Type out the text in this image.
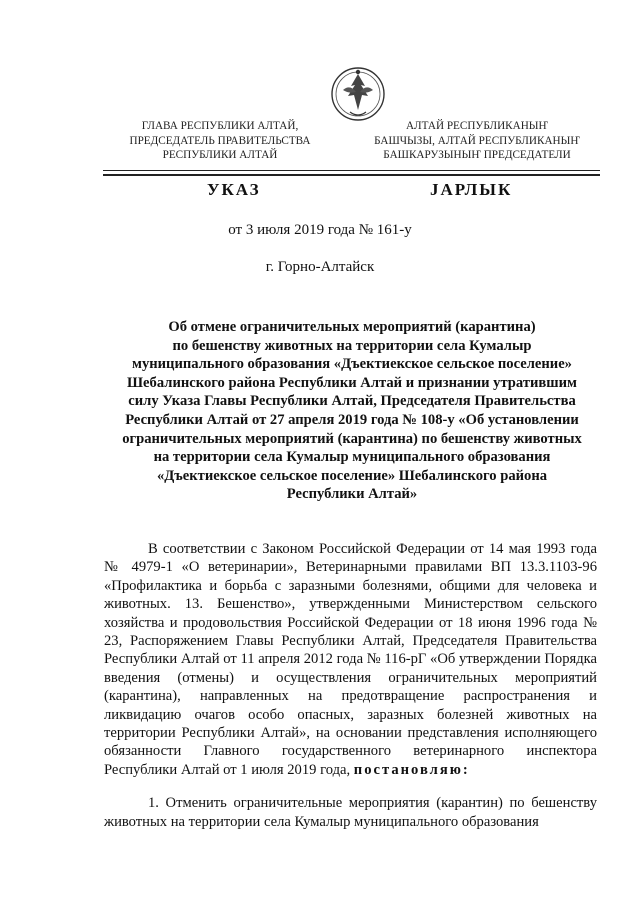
ГЛАВА РЕСПУБЛИКИ АЛТАЙ,
ПРЕДСЕДАТЕЛЬ ПРАВИТЕЛЬСТВА
РЕСПУБЛИКИ АЛТАЙ
АЛТАЙ РЕСПУБЛИКАНЫҤ
БАШЧЫЗЫ, АЛТАЙ РЕСПУБЛИКАНЫҤ
БАШКАРУЗЫНЫҤ ПРЕДСЕДАТЕЛИ
УКАЗ	ЈАРЛЫК
от 3 июля 2019 года № 161-у
г. Горно-Алтайск
Об отмене ограничительных мероприятий (карантина)
по бешенству животных на территории села Кумалыр
муниципального образования «Дъектиекское сельское поселение»
Шебалинского района Республики Алтай и признании утратившим
силу Указа Главы Республики Алтай, Председателя Правительства
Республики Алтай от 27 апреля 2019 года № 108-у «Об установлении
ограничительных мероприятий (карантина) по бешенству животных
на территории села Кумалыр муниципального образования
«Дъектиекское сельское поселение» Шебалинского района
Республики Алтай»

В соответствии с Законом Российской Федерации от 14 мая 1993 года № 4979-1 «О ветеринарии», Ветеринарными правилами ВП 13.3.1103-96 «Профилактика и борьба с заразными болезнями, общими для человека и животных. 13. Бешенство», утвержденными Министерством сельского хозяйства и продовольствия Российской Федерации от 18 июня 1996 года № 23, Распоряжением Главы Республики Алтай, Председателя Правительства Республики Алтай от 11 апреля 2012 года № 116-рГ «Об утверждении Порядка введения (отмены) и осуществления ограничительных мероприятий (карантина), направленных на предотвращение распространения и ликвидацию очагов особо опасных, заразных болезней животных на территории Республики Алтай», на основании представления исполняющего обязанности Главного государственного ветеринарного инспектора Республики Алтай от 1 июля 2019 года, постановляю:

1. Отменить ограничительные мероприятия (карантин) по бешенству животных на территории села Кумалыр муниципального образования
